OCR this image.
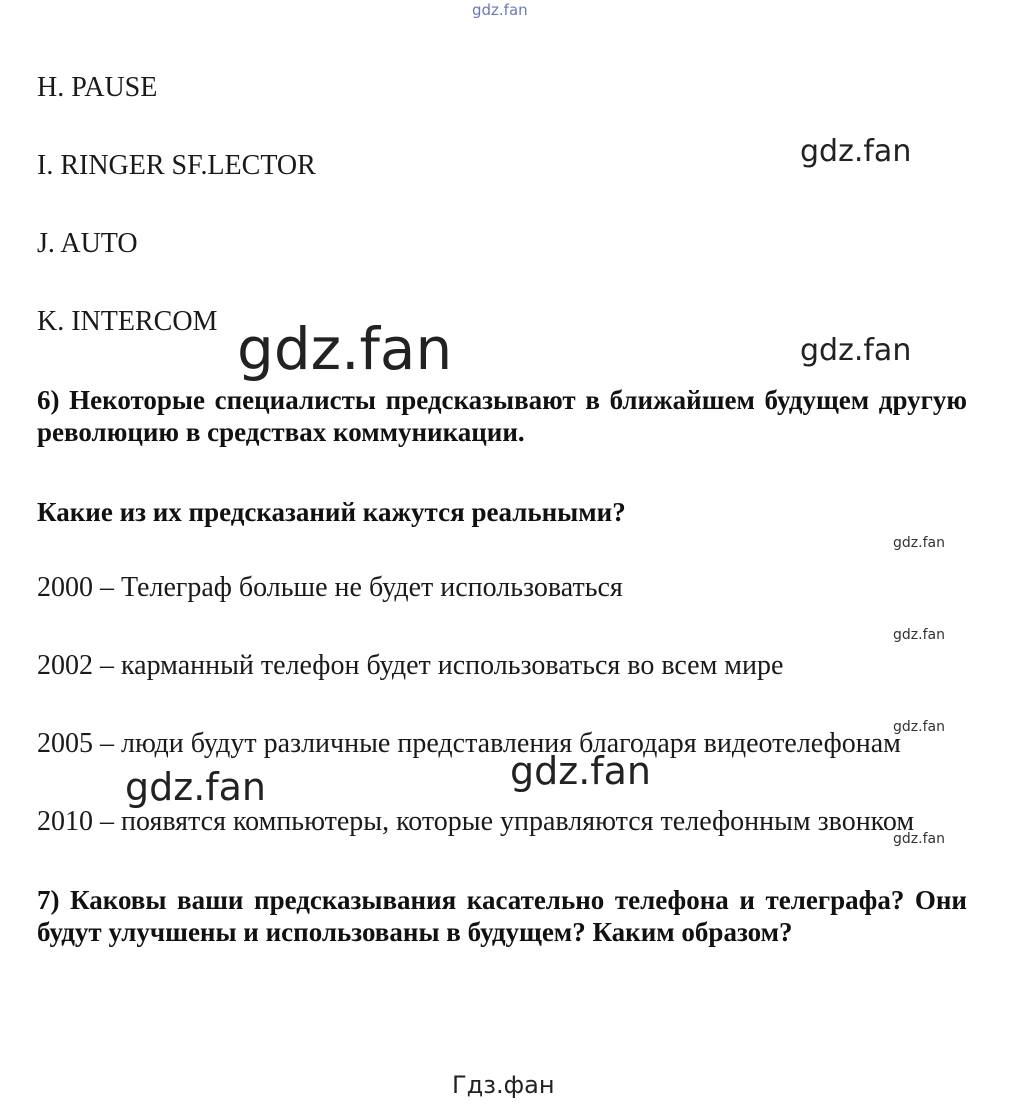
gdz.fan
gdz.fan
gdz.fan	gdz.fan
gdz.fan
gdz.fan
gdz.fan
gdz.fan	gdz.fan
gdz.fan
Гдз.фан
H. PAUSE
I. RINGER SF.LECTOR
J. AUTO
K. INTERCOM
6) Некоторые специалисты предсказывают в ближайшем будущем другую революцию в средствах коммуникации.
Какие из их предсказаний кажутся реальными?
2000 – Телеграф больше не будет использоваться
2002 – карманный телефон будет использоваться во всем мире
2005 – люди будут различные представления благодаря видеотелефонам
2010 – появятся компьютеры, которые управляются телефонным звонком
7) Каковы ваши предсказывания касательно телефона и телеграфа? Они будут улучшены и использованы в будущем? Каким образом?
